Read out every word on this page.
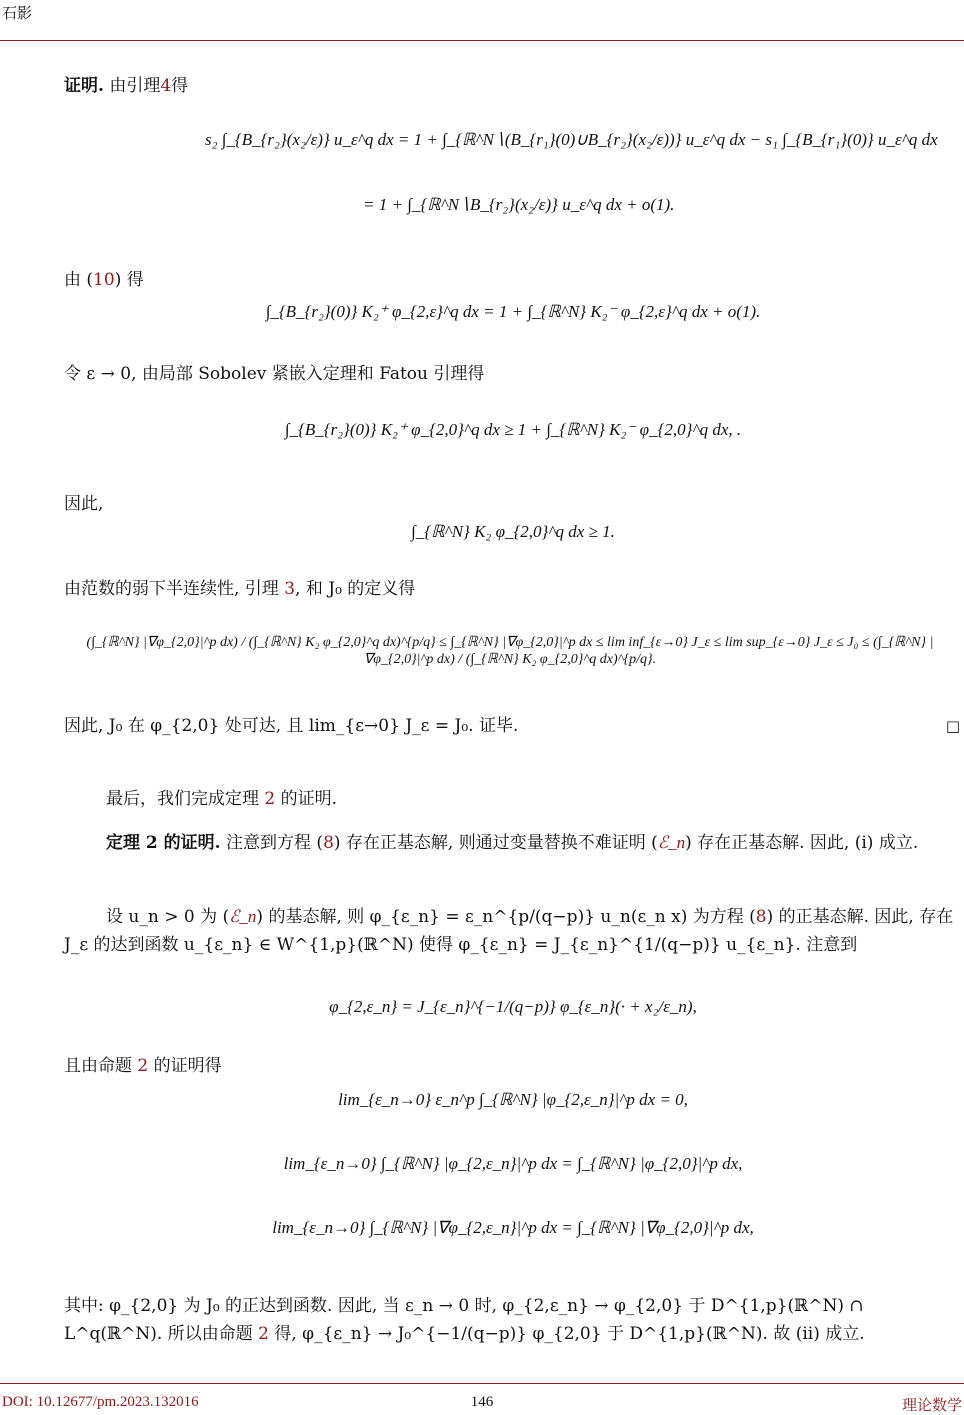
石影
证明. 由引理4得
s₂ ∫_{B_{r₂}(x₂/ε)} u_ε^q dx = 1 + ∫_{ℝ^N∖(B_{r₁}(0)∪B_{r₂}(x₂/ε))} u_ε^q dx − s₁ ∫_{B_{r₁}(0)} u_ε^q dx
= 1 + ∫_{ℝ^N∖B_{r₂}(x₂/ε)} u_ε^q dx + o(1).
由 (10) 得
∫_{B_{r₂}(0)} K₂⁺ φ_{2,ε}^q dx = 1 + ∫_{ℝ^N} K₂⁻ φ_{2,ε}^q dx + o(1).
令 ε → 0, 由局部 Sobolev 紧嵌入定理和 Fatou 引理得
∫_{B_{r₂}(0)} K₂⁺ φ_{2,0}^q dx ≥ 1 + ∫_{ℝ^N} K₂⁻ φ_{2,0}^q dx, .
因此,
∫_{ℝ^N} K₂ φ_{2,0}^q dx ≥ 1.
由范数的弱下半连续性, 引理 3, 和 J₀ 的定义得
(∫_{ℝ^N} |∇φ_{2,0}|^p dx) / (∫_{ℝ^N} K₂ φ_{2,0}^q dx)^{p/q} ≤ ∫_{ℝ^N} |∇φ_{2,0}|^p dx ≤ lim inf_{ε→0} J_ε ≤ lim sup_{ε→0} J_ε ≤ J₀ ≤ (∫_{ℝ^N} |∇φ_{2,0}|^p dx) / (∫_{ℝ^N} K₂ φ_{2,0}^q dx)^{p/q}.
因此, J₀ 在 φ_{2,0} 处可达, 且 lim_{ε→0} J_ε = J₀. 证毕.	□
最后，我们完成定理 2 的证明.
定理 2 的证明. 注意到方程 (8) 存在正基态解, 则通过变量替换不难证明 (ℰ_n) 存在正基态解. 因此, (i) 成立.
设 u_n > 0 为 (ℰ_n) 的基态解, 则 φ_{ε_n} = ε_n^{p/(q−p)} u_n(ε_n x) 为方程 (8) 的正基态解. 因此, 存在 J_ε 的达到函数 u_{ε_n} ∈ W^{1,p}(ℝ^N) 使得 φ_{ε_n} = J_{ε_n}^{1/(q−p)} u_{ε_n}. 注意到
φ_{2,ε_n} = J_{ε_n}^{−1/(q−p)} φ_{ε_n}(· + x₂/ε_n),
且由命题 2 的证明得
lim_{ε_n→0} ε_n^p ∫_{ℝ^N} |φ_{2,ε_n}|^p dx = 0,
lim_{ε_n→0} ∫_{ℝ^N} |φ_{2,ε_n}|^p dx = ∫_{ℝ^N} |φ_{2,0}|^p dx,
lim_{ε_n→0} ∫_{ℝ^N} |∇φ_{2,ε_n}|^p dx = ∫_{ℝ^N} |∇φ_{2,0}|^p dx,
其中: φ_{2,0} 为 J₀ 的正达到函数. 因此, 当 ε_n → 0 时, φ_{2,ε_n} → φ_{2,0} 于 D^{1,p}(ℝ^N) ∩ L^q(ℝ^N). 所以由命题 2 得, φ_{ε_n} → J₀^{−1/(q−p)} φ_{2,0} 于 D^{1,p}(ℝ^N). 故 (ii) 成立.
DOI: 10.12677/pm.2023.132016	146	理论数学
